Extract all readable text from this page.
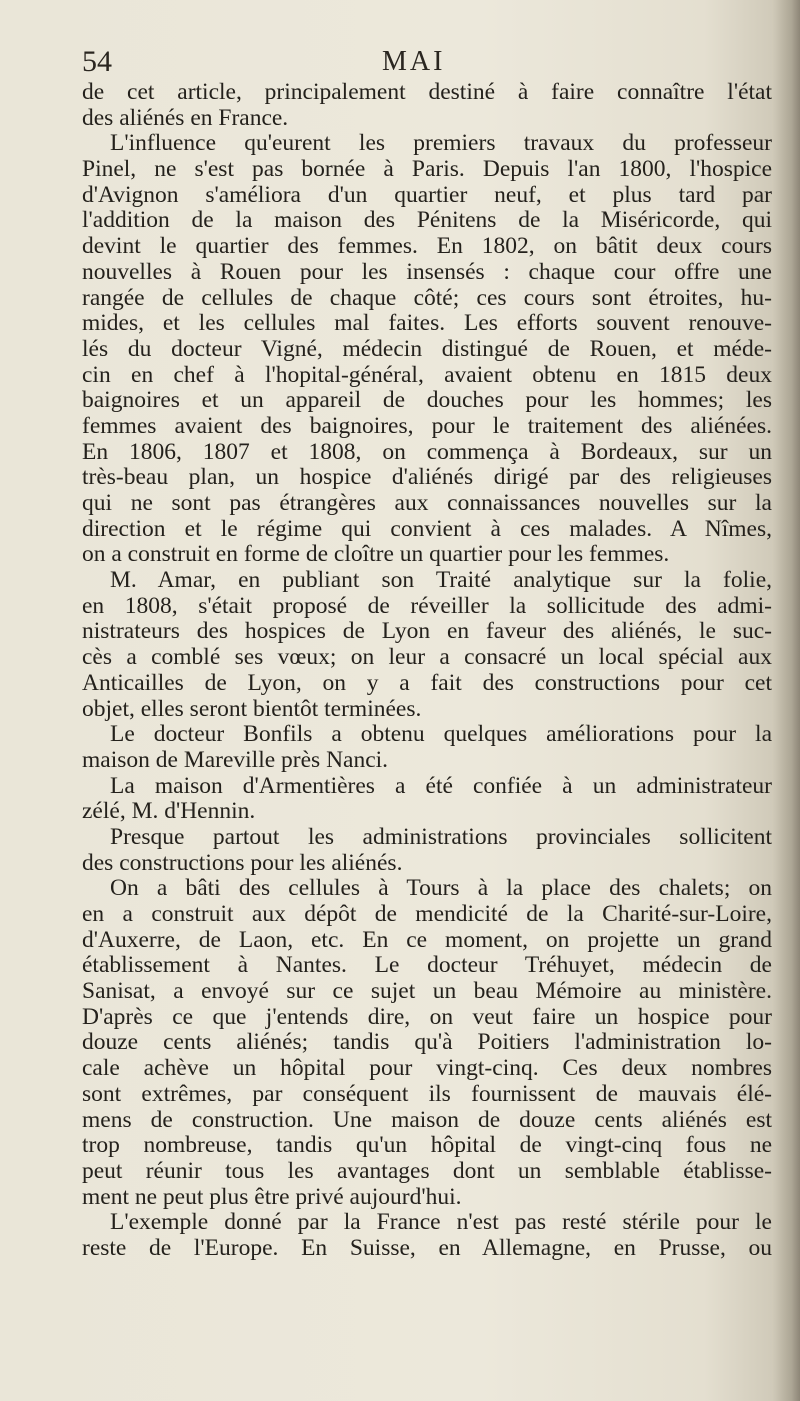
54	MAI
de cet article, principalement destiné à faire connaître l'état
des aliénés en France.
L'influence qu'eurent les premiers travaux du professeur
Pinel, ne s'est pas bornée à Paris. Depuis l'an 1800, l'hospice
d'Avignon s'améliora d'un quartier neuf, et plus tard par
l'addition de la maison des Pénitens de la Miséricorde, qui
devint le quartier des femmes. En 1802, on bâtit deux cours
nouvelles à Rouen pour les insensés : chaque cour offre une
rangée de cellules de chaque côté; ces cours sont étroites, hu-
mides, et les cellules mal faites. Les efforts souvent renouve-
lés du docteur Vigné, médecin distingué de Rouen, et méde-
cin en chef à l'hopital-général, avaient obtenu en 1815 deux
baignoires et un appareil de douches pour les hommes; les
femmes avaient des baignoires, pour le traitement des aliénées.
En 1806, 1807 et 1808, on commença à Bordeaux, sur un
très-beau plan, un hospice d'aliénés dirigé par des religieuses
qui ne sont pas étrangères aux connaissances nouvelles sur la
direction et le régime qui convient à ces malades. A Nîmes,
on a construit en forme de cloître un quartier pour les femmes.
M. Amar, en publiant son Traité analytique sur la folie,
en 1808, s'était proposé de réveiller la sollicitude des admi-
nistrateurs des hospices de Lyon en faveur des aliénés, le suc-
cès a comblé ses vœux; on leur a consacré un local spécial aux
Anticailles de Lyon, on y a fait des constructions pour cet
objet, elles seront bientôt terminées.
Le docteur Bonfils a obtenu quelques améliorations pour la
maison de Mareville près Nanci.
La maison d'Armentières a été confiée à un administrateur
zélé, M. d'Hennin.
Presque partout les administrations provinciales sollicitent
des constructions pour les aliénés.
On a bâti des cellules à Tours à la place des chalets; on
en a construit aux dépôt de mendicité de la Charité-sur-Loire,
d'Auxerre, de Laon, etc. En ce moment, on projette un grand
établissement à Nantes. Le docteur Tréhuyet, médecin de
Sanisat, a envoyé sur ce sujet un beau Mémoire au ministère.
D'après ce que j'entends dire, on veut faire un hospice pour
douze cents aliénés; tandis qu'à Poitiers l'administration lo-
cale achève un hôpital pour vingt-cinq. Ces deux nombres
sont extrêmes, par conséquent ils fournissent de mauvais élé-
mens de construction. Une maison de douze cents aliénés est
trop nombreuse, tandis qu'un hôpital de vingt-cinq fous ne
peut réunir tous les avantages dont un semblable établisse-
ment ne peut plus être privé aujourd'hui.
L'exemple donné par la France n'est pas resté stérile pour le
reste de l'Europe. En Suisse, en Allemagne, en Prusse, ou
